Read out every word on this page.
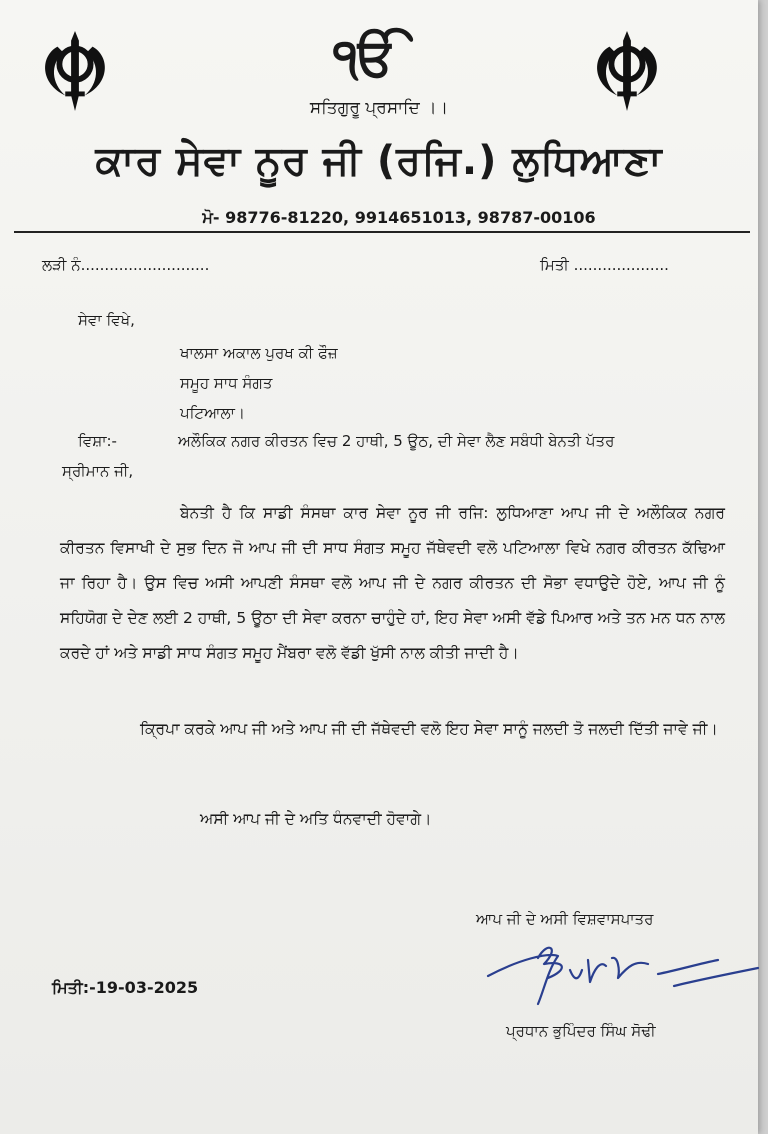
ੴ
ਸਤਿਗੁਰੂ ਪ੍ਰਸਾਦਿ ।।
ਕਾਰ ਸੇਵਾ ਨੂਰ ਜੀ (ਰਜਿ.) ਲੁਧਿਆਣਾ
ਮੋ- 98776-81220, 9914651013, 98787-00106
ਲੜੀ ਨੰ...........................	ਮਿਤੀ ....................
ਸੇਵਾ ਵਿਖੇ,
ਖਾਲਸਾ ਅਕਾਲ ਪੁਰਖ ਕੀ ਫੌਜ਼
ਸਮੂਹ ਸਾਧ ਸੰਗਤ
ਪਟਿਆਲਾ।
ਵਿਸ਼ਾ:-	ਅਲੌਕਿਕ ਨਗਰ ਕੀਰਤਨ ਵਿਚ 2 ਹਾਥੀ, 5 ਊਠ, ਦੀ ਸੇਵਾ ਲੈਣ ਸਬੰਧੀ ਬੇਨਤੀ ਪੱਤਰ
ਸ੍ਰੀਮਾਨ ਜੀ,
ਬੇਨਤੀ ਹੈ ਕਿ ਸਾਡੀ ਸੰਸਥਾ ਕਾਰ ਸੇਵਾ ਨੂਰ ਜੀ ਰਜਿ: ਲੁਧਿਆਣਾ ਆਪ ਜੀ ਦੇ ਅਲੌਕਿਕ ਨਗਰ ਕੀਰਤਨ ਵਿਸਾਖੀ ਦੇ ਸੁਭ ਦਿਨ ਜੋ ਆਪ ਜੀ ਦੀ ਸਾਧ ਸੰਗਤ ਸਮੂਹ ਜੱਥੇਵਦੀ ਵਲੋ ਪਟਿਆਲਾ ਵਿਖੇ ਨਗਰ ਕੀਰਤਨ ਕੱਢਿਆ ਜਾ ਰਿਹਾ ਹੈ। ਉਸ ਵਿਚ ਅਸੀ ਆਪਣੀ ਸੰਸਥਾ ਵਲੋ ਆਪ ਜੀ ਦੇ ਨਗਰ ਕੀਰਤਨ ਦੀ ਸੋਭਾ ਵਧਾਉਦੇ ਹੋਏ, ਆਪ ਜੀ ਨੂੰ ਸਹਿਯੋਗ ਦੇ ਦੇਣ ਲਈ 2 ਹਾਥੀ, 5 ਊਠਾ ਦੀ ਸੇਵਾ ਕਰਨਾ ਚਾਹੁੰਦੇ ਹਾਂ, ਇਹ ਸੇਵਾ ਅਸੀ ਵੱਡੇ ਪਿਆਰ ਅਤੇ ਤਨ ਮਨ ਧਨ ਨਾਲ ਕਰਦੇ ਹਾਂ ਅਤੇ ਸਾਡੀ ਸਾਧ ਸੰਗਤ ਸਮੂਹ ਮੈਂਬਰਾ ਵਲੋ ਵੱਡੀ ਖੁੱਸੀ ਨਾਲ ਕੀਤੀ ਜਾਦੀ ਹੈ।
ਕ੍ਰਿਪਾ ਕਰਕੇ ਆਪ ਜੀ ਅਤੇ ਆਪ ਜੀ ਦੀ ਜੱਥੇਵਦੀ ਵਲੋ ਇਹ ਸੇਵਾ ਸਾਨੂੰ ਜਲਦੀ ਤੋ ਜਲਦੀ ਦਿੱਤੀ ਜਾਵੇ ਜੀ।
ਅਸੀ ਆਪ ਜੀ ਦੇ ਅਤਿ ਧੰਨਵਾਦੀ ਹੋਵਾਗੇ।
ਆਪ ਜੀ ਦੇ ਅਸੀ ਵਿਸ਼ਵਾਸਪਾਤਰ
ਮਿਤੀ:-19-03-2025
ਪ੍ਰਧਾਨ ਭੁਪਿੰਦਰ ਸਿੰਘ ਸੋਢੀ
